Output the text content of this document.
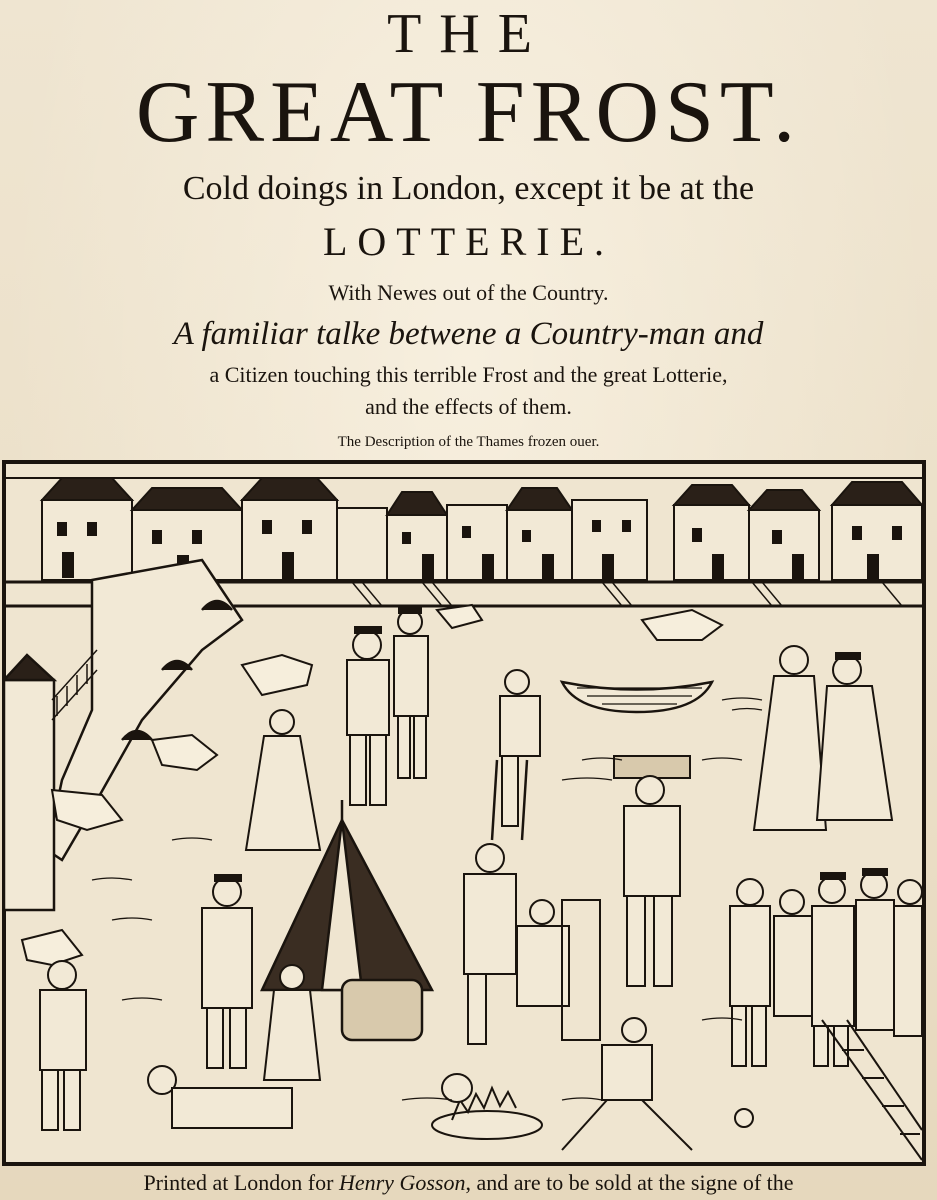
THE
GREAT FROST.
Cold doings in London, except it be at the
LOTTERIE.
With Newes out of the Country.
A familiar talke betwene a Country-man and
a Citizen touching this terrible Frost and the great Lotterie,
and the effects of them.
The Description of the Thames frozen ouer.
Printed at London for Henry Gosson, and are to be sold at the signe of the
